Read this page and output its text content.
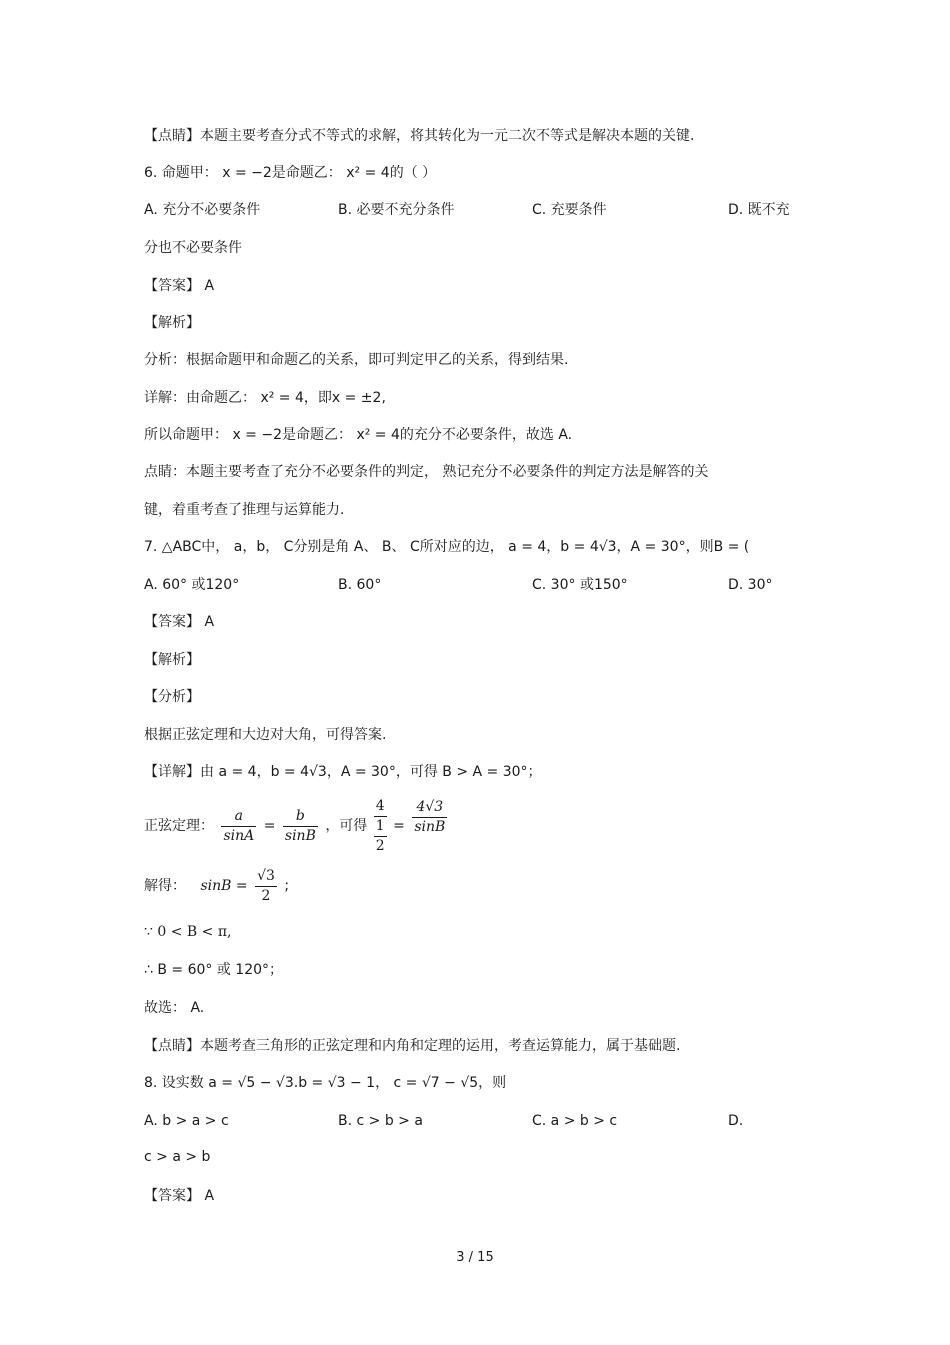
【点睛】本题主要考查分式不等式的求解，将其转化为一元二次不等式是解决本题的关键.
6. 命题甲： x = −2是命题乙： x² = 4的（ ）
A. 充分不必要条件	B. 必要不充分条件	C. 充要条件	D. 既不充
分也不必要条件
【答案】 A
【解析】
分析：根据命题甲和命题乙的关系，即可判定甲乙的关系，得到结果.
详解：由命题乙： x² = 4，即x = ±2,
所以命题甲： x = −2是命题乙： x² = 4的充分不必要条件，故选 A.
点睛：本题主要考查了充分不必要条件的判定， 熟记充分不必要条件的判定方法是解答的关
键，着重考查了推理与运算能力.
7. △ABC中， a，b， C分别是角 A、 B、 C所对应的边， a = 4，b = 4√3，A = 30°，则B = (
A. 60° 或120°	B. 60°	C. 30° 或150°	D. 30°
【答案】 A
【解析】
【分析】
根据正弦定理和大边对大角，可得答案.
【详解】由 a = 4，b = 4√3，A = 30°，可得 B > A = 30°；
正弦定理： $\frac{a}{\sin A} = \frac{b}{\sin B}$ ，可得
4
1
2
= $\frac{4√3}{\sin B}$
解得： $\sin B = \frac{√3}{2}$ ;
∵ 0 < B < π,
∴ B = 60° 或 120°；
故选： A.
【点睛】本题考查三角形的正弦定理和内角和定理的运用，考查运算能力，属于基础题.
8. 设实数 a = √5 − √3.b = √3 − 1， c = √7 − √5，则
A. b > a > c	B. c > b > a	C. a > b > c	D.
c > a > b
【答案】 A
3 / 15
